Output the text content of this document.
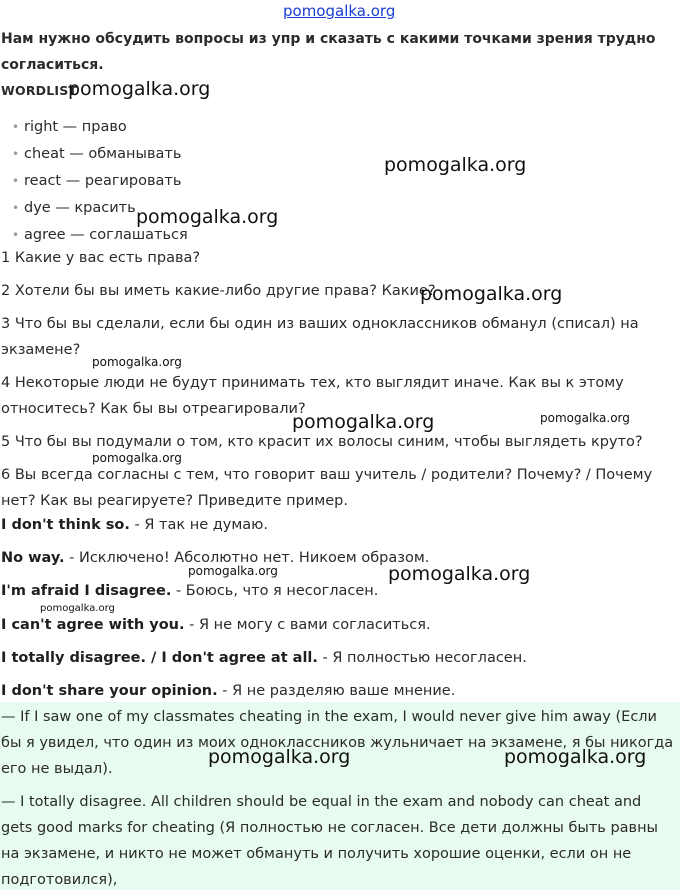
Нам нужно обсудить вопросы из упр и сказать с какими точками зрения трудно согласиться.

WORDLIST

• right — право
• cheat — обманывать
• react — реагировать
• dye — красить
• agree — соглашаться

1 Какие у вас есть права?

2 Хотели бы вы иметь какие-либо другие права? Какие?

3 Что бы вы сделали, если бы один из ваших одноклассников обманул (списал) на экзамене?

4 Некоторые люди не будут принимать тех, кто выглядит иначе. Как вы к этому относитесь? Как бы вы отреагировали?

5 Что бы вы подумали о том, кто красит их волосы синим, чтобы выглядеть круто?

6 Вы всегда согласны с тем, что говорит ваш учитель / родители? Почему? / Почему нет? Как вы реагируете? Приведите пример.

I don't think so. - Я так не думаю.

No way. - Исключено! Абсолютно нет. Никоем образом.

I'm afraid I disagree. - Боюсь, что я несогласен.

I can't agree with you. - Я не могу с вами согласиться.

I totally disagree. / I don't agree at all. - Я полностью несогласен.

I don't share your opinion. - Я не разделяю ваше мнение.

— If I saw one of my classmates cheating in the exam, I would never give him away (Если бы я увидел, что один из моих одноклассников жульничает на экзамене, я бы никогда его не выдал).

— I totally disagree. All children should be equal in the exam and nobody can cheat and gets good marks for cheating (Я полностью не согласен. Все дети должны быть равны на экзамене, и никто не может обмануть и получить хорошие оценки, если он не подготовился),

pomogalka.org
pomogalka.org
pomogalka.org
pomogalka.org
pomogalka.org
pomogalka.org
pomogalka.org	pomogalka.org
pomogalka.org
pomogalka.org	pomogalka.org
pomogalka.org
pomogalka.org	pomogalka.org
